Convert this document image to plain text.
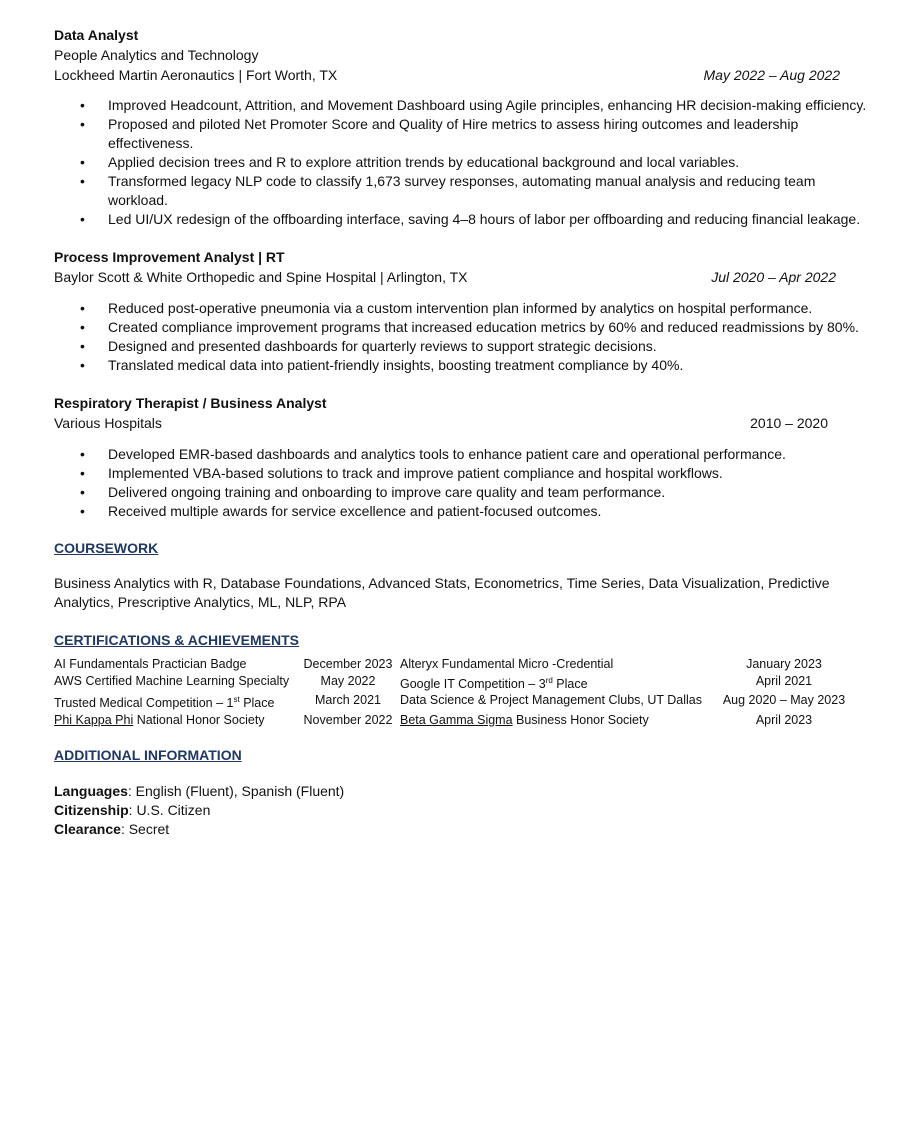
Data Analyst
People Analytics and Technology
Lockheed Martin Aeronautics | Fort Worth, TX	May 2022 – Aug 2022
• Improved Headcount, Attrition, and Movement Dashboard using Agile principles, enhancing HR decision-making efficiency.
• Proposed and piloted Net Promoter Score and Quality of Hire metrics to assess hiring outcomes and leadership effectiveness.
• Applied decision trees and R to explore attrition trends by educational background and local variables.
• Transformed legacy NLP code to classify 1,673 survey responses, automating manual analysis and reducing team workload.
• Led UI/UX redesign of the offboarding interface, saving 4–8 hours of labor per offboarding and reducing financial leakage.
Process Improvement Analyst | RT
Baylor Scott & White Orthopedic and Spine Hospital | Arlington, TX	Jul 2020 – Apr 2022
• Reduced post-operative pneumonia via a custom intervention plan informed by analytics on hospital performance.
• Created compliance improvement programs that increased education metrics by 60% and reduced readmissions by 80%.
• Designed and presented dashboards for quarterly reviews to support strategic decisions.
• Translated medical data into patient-friendly insights, boosting treatment compliance by 40%.
Respiratory Therapist / Business Analyst
Various Hospitals	2010 – 2020
• Developed EMR-based dashboards and analytics tools to enhance patient care and operational performance.
• Implemented VBA-based solutions to track and improve patient compliance and hospital workflows.
• Delivered ongoing training and onboarding to improve care quality and team performance.
• Received multiple awards for service excellence and patient-focused outcomes.
COURSEWORK
Business Analytics with R, Database Foundations, Advanced Stats, Econometrics, Time Series, Data Visualization, Predictive Analytics, Prescriptive Analytics, ML, NLP, RPA
CERTIFICATIONS & ACHIEVEMENTS
AI Fundamentals Practician Badge	December 2023 Alteryx Fundamental Micro -Credential	January 2023
AWS Certified Machine Learning Specialty	May 2022	Google IT Competition – 3rd Place	April 2021
Trusted Medical Competition – 1st Place	March 2021	Data Science & Project Management Clubs, UT Dallas	Aug 2020 – May 2023
Phi Kappa Phi National Honor Society	November 2022 Beta Gamma Sigma Business Honor Society	April 2023
ADDITIONAL INFORMATION
Languages: English (Fluent), Spanish (Fluent)
Citizenship: U.S. Citizen
Clearance: Secret
